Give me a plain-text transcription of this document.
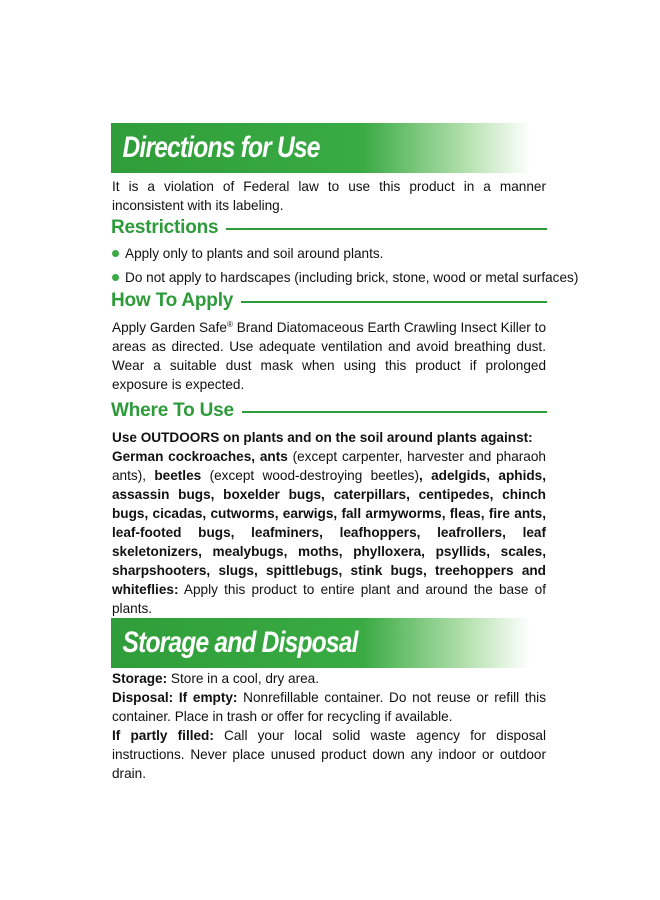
Directions for Use
It is a violation of Federal law to use this product in a manner inconsistent with its labeling.
Restrictions
Apply only to plants and soil around plants.
Do not apply to hardscapes (including brick, stone, wood or metal surfaces)
How To Apply
Apply Garden Safe® Brand Diatomaceous Earth Crawling Insect Killer to areas as directed. Use adequate ventilation and avoid breathing dust. Wear a suitable dust mask when using this product if prolonged exposure is expected.
Where To Use
Use OUTDOORS on plants and on the soil around plants against:
German cockroaches, ants (except carpenter, harvester and pharaoh ants), beetles (except wood-destroying beetles), adelgids, aphids, assassin bugs, boxelder bugs, caterpillars, centipedes, chinch bugs, cicadas, cutworms, earwigs, fall armyworms, fleas, fire ants, leaf-footed bugs, leafminers, leafhoppers, leafrollers, leaf skeletonizers, mealybugs, moths, phylloxera, psyllids, scales, sharpshooters, slugs, spittlebugs, stink bugs, treehoppers and whiteflies: Apply this product to entire plant and around the base of plants.
Storage and Disposal
Storage: Store in a cool, dry area.
Disposal: If empty: Nonrefillable container. Do not reuse or refill this container. Place in trash or offer for recycling if available.
If partly filled: Call your local solid waste agency for disposal instructions. Never place unused product down any indoor or outdoor drain.
